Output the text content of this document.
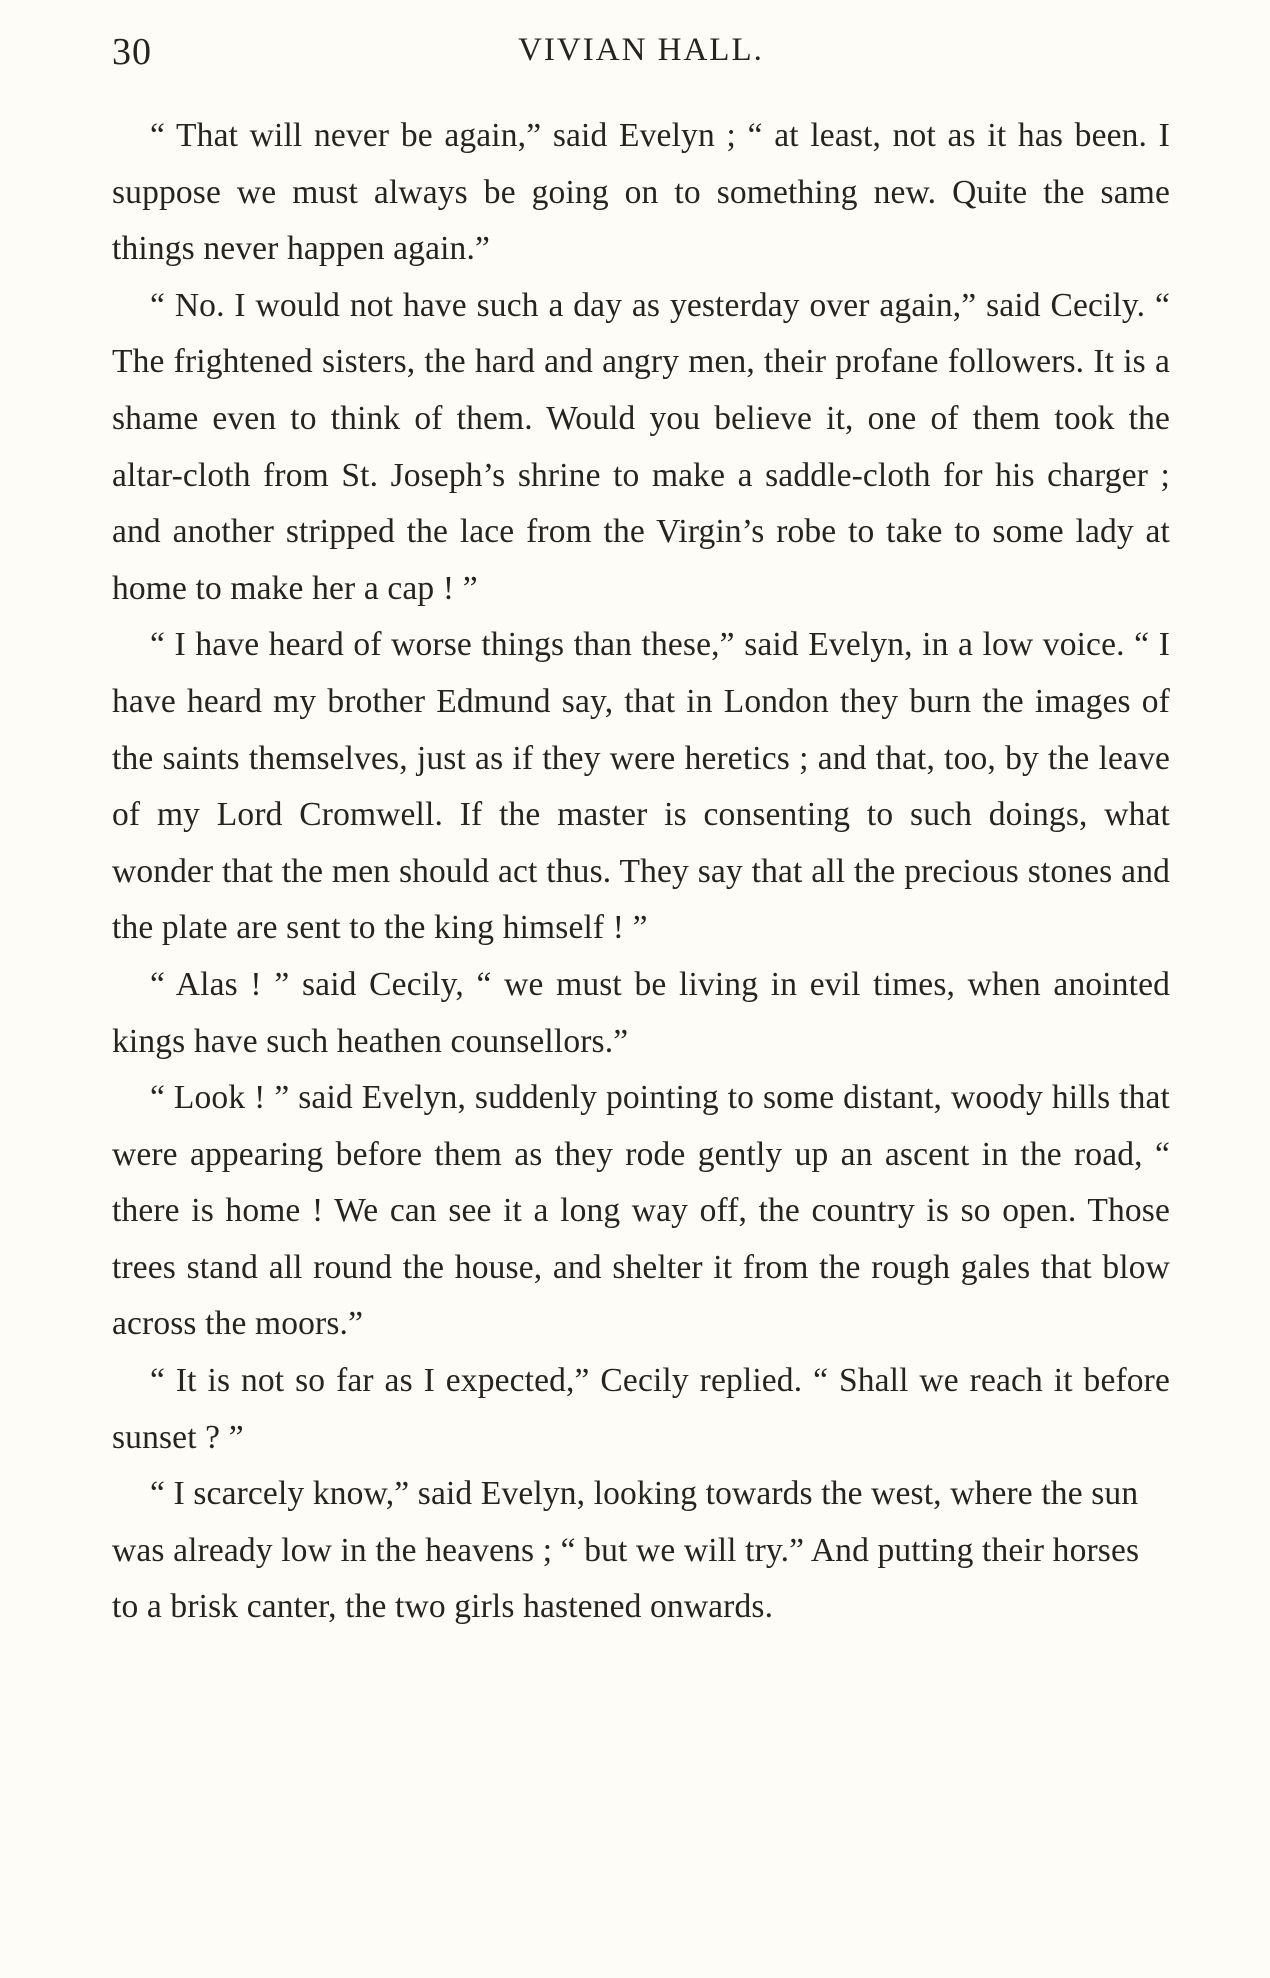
30	VIVIAN HALL.

“ That will never be again,” said Evelyn ; “ at least, not as it has been. I suppose we must always be going on to something new. Quite the same things never happen again.”

“ No. I would not have such a day as yesterday over again,” said Cecily. “ The frightened sisters, the hard and angry men, their profane followers. It is a shame even to think of them. Would you believe it, one of them took the altar-cloth from St. Joseph’s shrine to make a saddle-cloth for his charger ; and another stripped the lace from the Virgin’s robe to take to some lady at home to make her a cap ! ”

“ I have heard of worse things than these,” said Evelyn, in a low voice. “ I have heard my brother Edmund say, that in London they burn the images of the saints themselves, just as if they were heretics ; and that, too, by the leave of my Lord Cromwell. If the master is consenting to such doings, what wonder that the men should act thus. They say that all the precious stones and the plate are sent to the king himself ! ”

“ Alas ! ” said Cecily, “ we must be living in evil times, when anointed kings have such heathen counsellors.”

“ Look ! ” said Evelyn, suddenly pointing to some distant, woody hills that were appearing before them as they rode gently up an ascent in the road, “ there is home ! We can see it a long way off, the country is so open. Those trees stand all round the house, and shelter it from the rough gales that blow across the moors.”

“ It is not so far as I expected,” Cecily replied. “ Shall we reach it before sunset ? ”

“ I scarcely know,” said Evelyn, looking towards the west, where the sun was already low in the heavens ; “ but we will try.” And putting their horses to a brisk canter, the two girls hastened onwards.
